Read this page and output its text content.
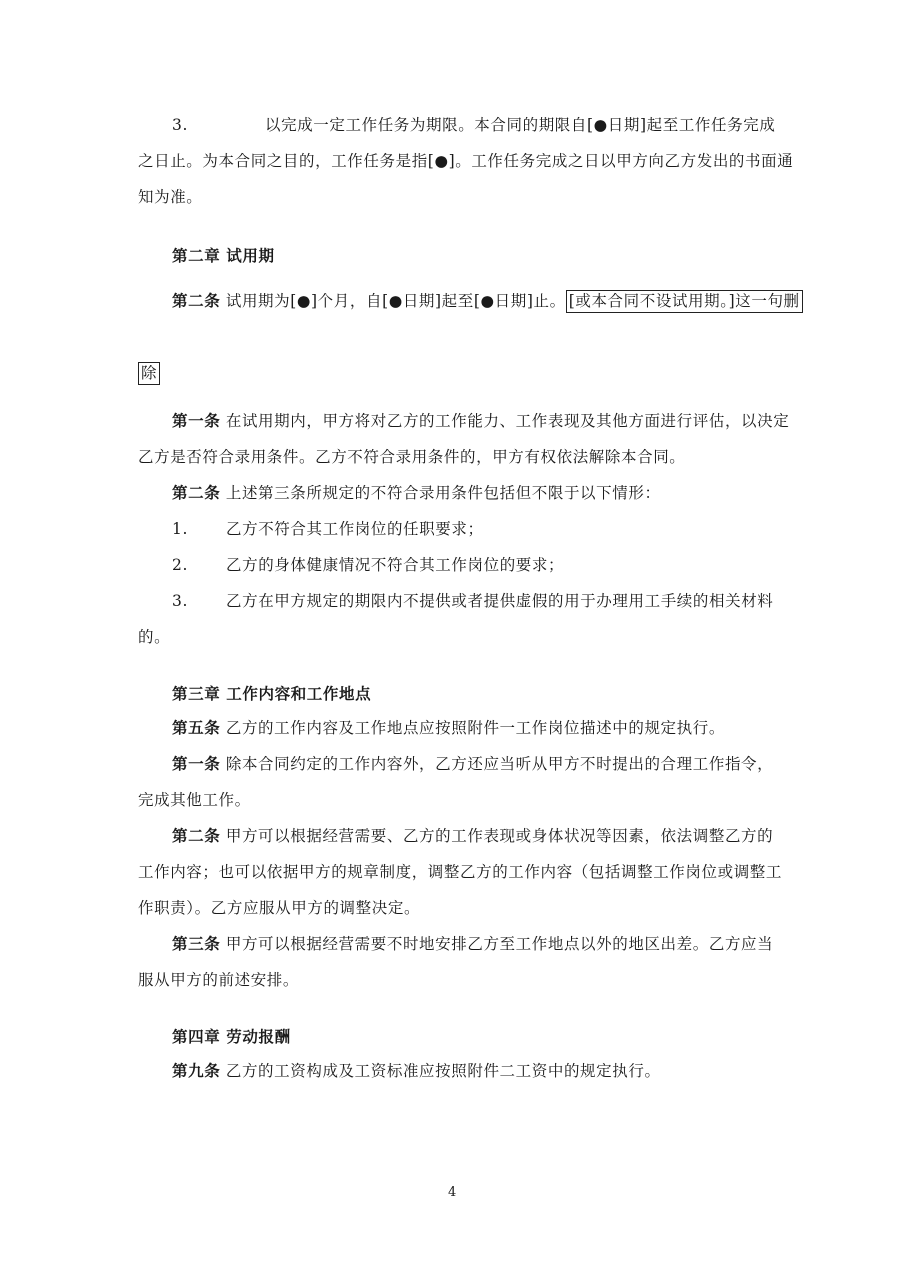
3.	以完成一定工作任务为期限。本合同的期限自[●日期]起至工作任务完成
之日止。为本合同之目的，工作任务是指[●]。工作任务完成之日以甲方向乙方发出的书面通
知为准。
第二章 试用期
第二条 试用期为[●]个月，自[●日期]起至[●日期]止。 [或本合同不设试用期。]这一句删
除
第一条 在试用期内，甲方将对乙方的工作能力、工作表现及其他方面进行评估，以决定
乙方是否符合录用条件。乙方不符合录用条件的，甲方有权依法解除本合同。
第二条 上述第三条所规定的不符合录用条件包括但不限于以下情形：
1. 乙方不符合其工作岗位的任职要求；
2. 乙方的身体健康情况不符合其工作岗位的要求；
3. 乙方在甲方规定的期限内不提供或者提供虚假的用于办理用工手续的相关材料
的。
第三章 工作内容和工作地点
第五条 乙方的工作内容及工作地点应按照附件一工作岗位描述中的规定执行。
第一条 除本合同约定的工作内容外，乙方还应当听从甲方不时提出的合理工作指令，
完成其他工作。
第二条 甲方可以根据经营需要、乙方的工作表现或身体状况等因素，依法调整乙方的
工作内容；也可以依据甲方的规章制度，调整乙方的工作内容（包括调整工作岗位或调整工
作职责）。乙方应服从甲方的调整决定。
第三条 甲方可以根据经营需要不时地安排乙方至工作地点以外的地区出差。乙方应当
服从甲方的前述安排。
第四章 劳动报酬
第九条 乙方的工资构成及工资标准应按照附件二工资中的规定执行。
4
